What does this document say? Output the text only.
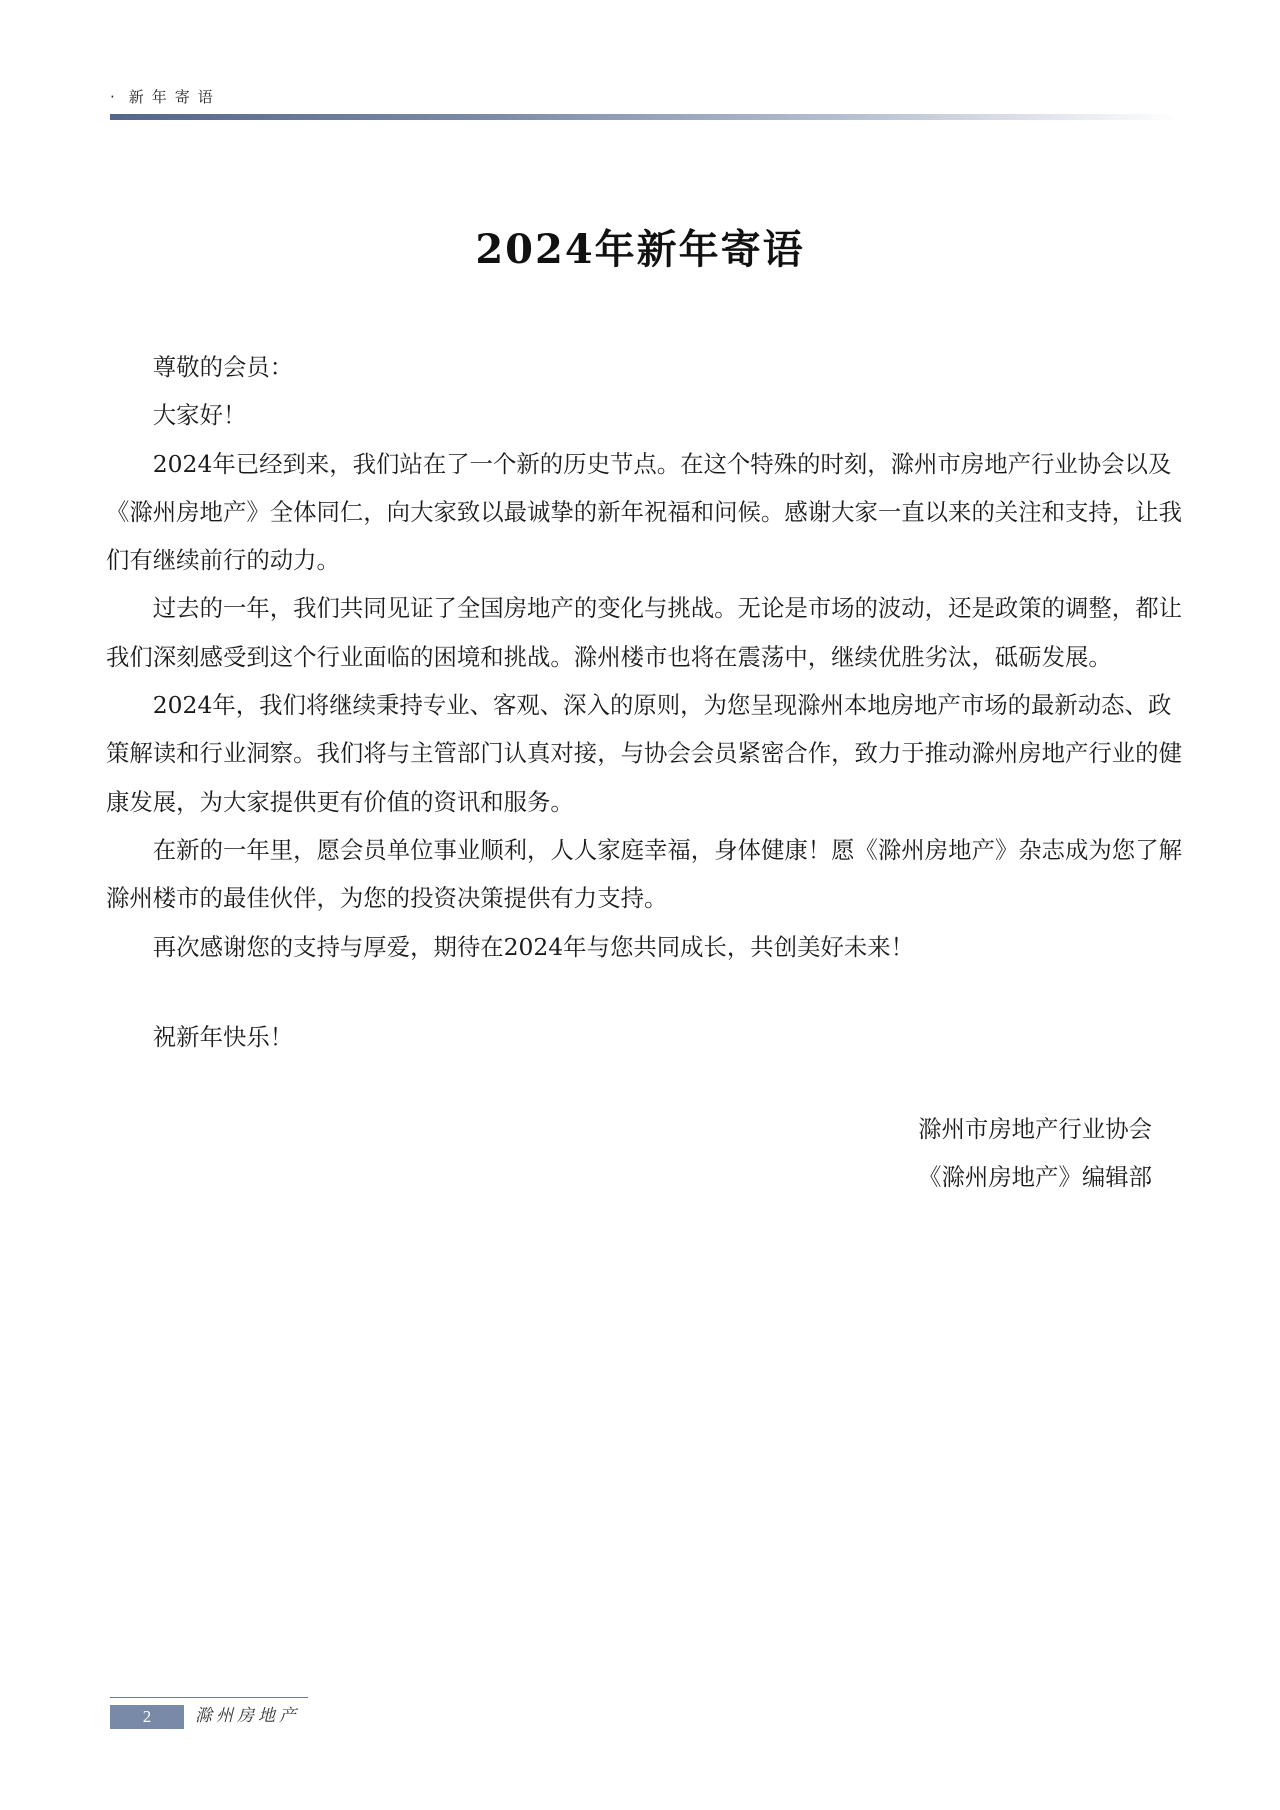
·新年寄语
2024年新年寄语

尊敬的会员：

大家好！

2024年已经到来，我们站在了一个新的历史节点。在这个特殊的时刻，滁州市房地产行业协会以及《滁州房地产》全体同仁，向大家致以最诚挚的新年祝福和问候。感谢大家一直以来的关注和支持，让我们有继续前行的动力。

过去的一年，我们共同见证了全国房地产的变化与挑战。无论是市场的波动，还是政策的调整，都让我们深刻感受到这个行业面临的困境和挑战。滁州楼市也将在震荡中，继续优胜劣汰，砥砺发展。

2024年，我们将继续秉持专业、客观、深入的原则，为您呈现滁州本地房地产市场的最新动态、政策解读和行业洞察。我们将与主管部门认真对接，与协会会员紧密合作，致力于推动滁州房地产行业的健康发展，为大家提供更有价值的资讯和服务。

在新的一年里，愿会员单位事业顺利，人人家庭幸福，身体健康！愿《滁州房地产》杂志成为您了解滁州楼市的最佳伙伴，为您的投资决策提供有力支持。

再次感谢您的支持与厚爱，期待在2024年与您共同成长，共创美好未来！

祝新年快乐！

滁州市房地产行业协会
《滁州房地产》编辑部
2	滁州房地产
